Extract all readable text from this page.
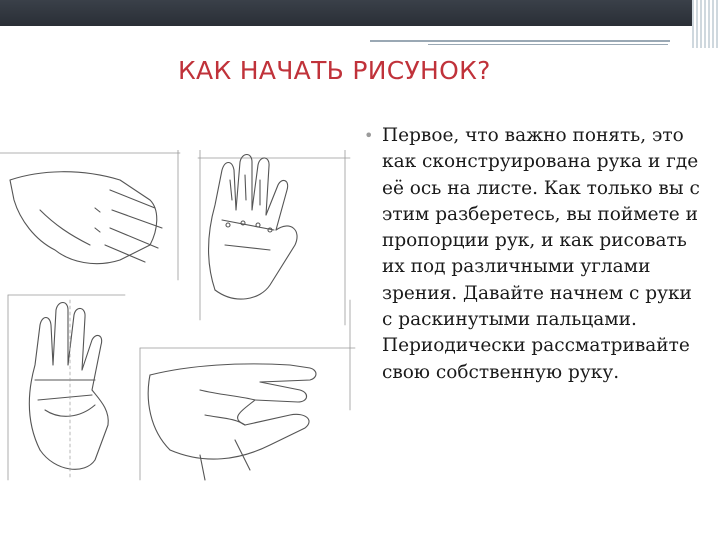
КАК НАЧАТЬ РИСУНОК?
• Первое, что важно понять, это как сконструирована рука и где её ось на листе. Как только вы с этим разберетесь, вы поймете и пропорции рук, и как рисовать их под различными углами зрения. Давайте начнем с руки с раскинутыми пальцами. Периодически рассматривайте свою собственную руку.
